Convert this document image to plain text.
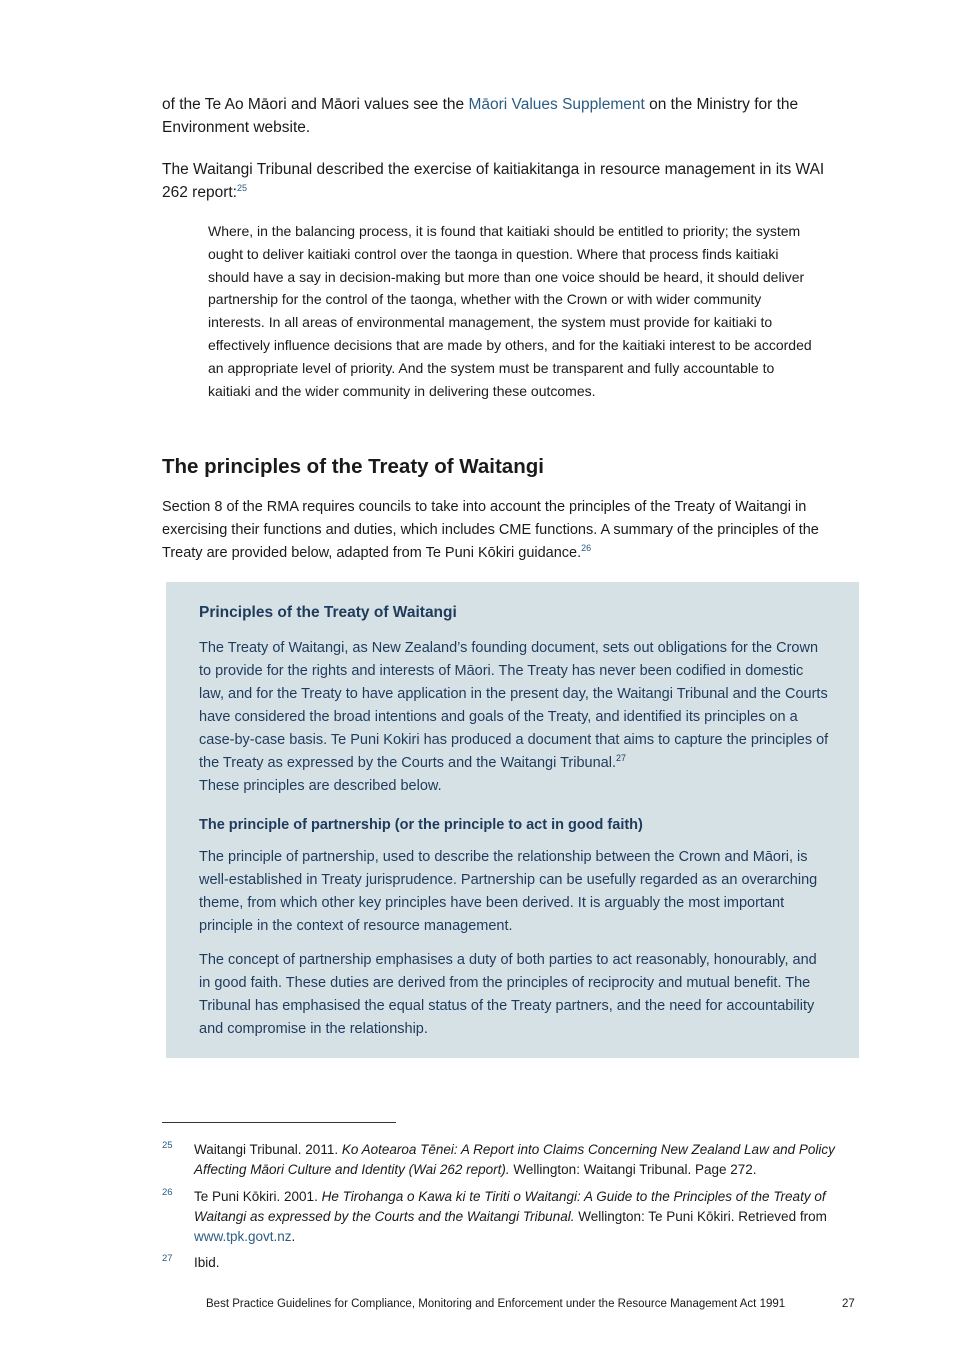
of the Te Ao Māori and Māori values see the Māori Values Supplement on the Ministry for the Environment website.

The Waitangi Tribunal described the exercise of kaitiakitanga in resource management in its WAI 262 report:$^{25}$

Where, in the balancing process, it is found that kaitiaki should be entitled to priority; the system ought to deliver kaitiaki control over the taonga in question. Where that process finds kaitiaki should have a say in decision-making but more than one voice should be heard, it should deliver partnership for the control of the taonga, whether with the Crown or with wider community interests. In all areas of environmental management, the system must provide for kaitiaki to effectively influence decisions that are made by others, and for the kaitiaki interest to be accorded an appropriate level of priority. And the system must be transparent and fully accountable to kaitiaki and the wider community in delivering these outcomes.

The principles of the Treaty of Waitangi

Section 8 of the RMA requires councils to take into account the principles of the Treaty of Waitangi in exercising their functions and duties, which includes CME functions. A summary of the principles of the Treaty are provided below, adapted from Te Puni Kōkiri guidance.$^{26}$

Principles of the Treaty of Waitangi

The Treaty of Waitangi, as New Zealand’s founding document, sets out obligations for the Crown to provide for the rights and interests of Māori. The Treaty has never been codified in domestic law, and for the Treaty to have application in the present day, the Waitangi Tribunal and the Courts have considered the broad intentions and goals of the Treaty, and identified its principles on a case-by-case basis. Te Puni Kokiri has produced a document that aims to capture the principles of the Treaty as expressed by the Courts and the Waitangi Tribunal.$^{27}$
These principles are described below.

The principle of partnership (or the principle to act in good faith)

The principle of partnership, used to describe the relationship between the Crown and Māori, is well-established in Treaty jurisprudence. Partnership can be usefully regarded as an overarching theme, from which other key principles have been derived. It is arguably the most important principle in the context of resource management.

The concept of partnership emphasises a duty of both parties to act reasonably, honourably, and in good faith. These duties are derived from the principles of reciprocity and mutual benefit. The Tribunal has emphasised the equal status of the Treaty partners, and the need for accountability and compromise in the relationship.

25 Waitangi Tribunal. 2011. Ko Aotearoa Tēnei: A Report into Claims Concerning New Zealand Law and Policy Affecting Māori Culture and Identity (Wai 262 report). Wellington: Waitangi Tribunal. Page 272.

26 Te Puni Kōkiri. 2001. He Tirohanga o Kawa ki te Tiriti o Waitangi: A Guide to the Principles of the Treaty of Waitangi as expressed by the Courts and the Waitangi Tribunal. Wellington: Te Puni Kōkiri. Retrieved from www.tpk.govt.nz.

27 Ibid.

Best Practice Guidelines for Compliance, Monitoring and Enforcement under the Resource Management Act 1991	27
